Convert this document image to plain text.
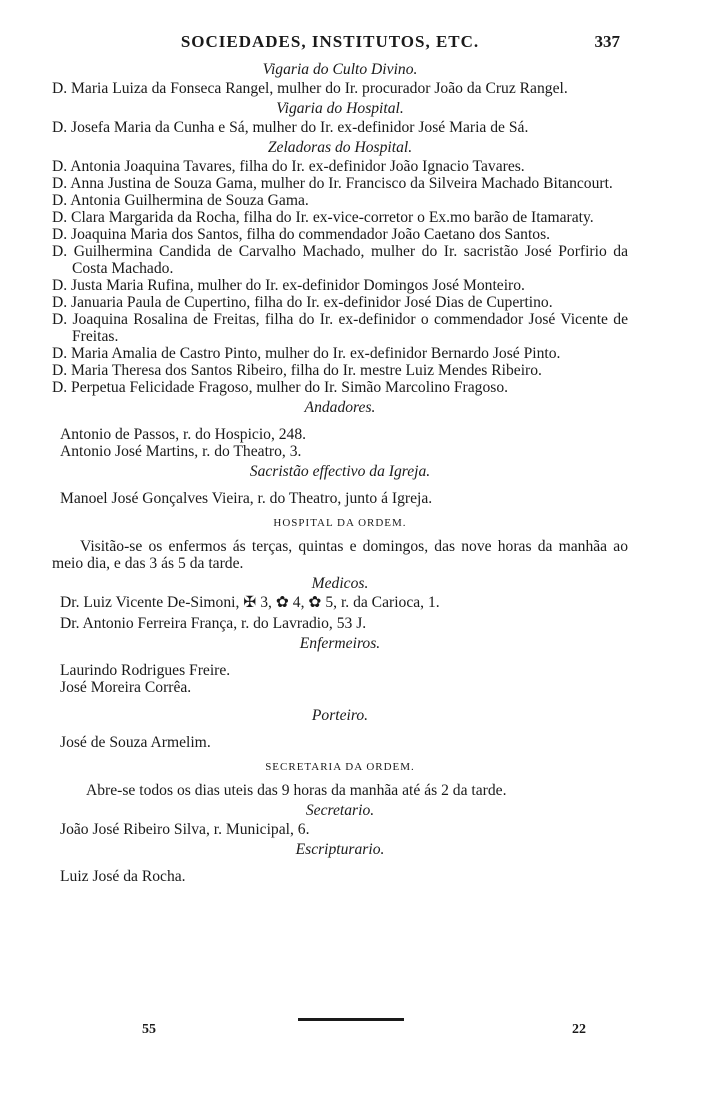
SOCIEDADES, INSTITUTOS, ETC.	337
Vigaria do Culto Divino.

D. Maria Luiza da Fonseca Rangel, mulher do Ir. procurador João da Cruz Rangel.

Vigaria do Hospital.

D. Josefa Maria da Cunha e Sá, mulher do Ir. ex-definidor José Maria de Sá.

Zeladoras do Hospital.

D. Antonia Joaquina Tavares, filha do Ir. ex-definidor João Ignacio Tavares.

D. Anna Justina de Souza Gama, mulher do Ir. Francisco da Silveira Machado Bitancourt.

D. Antonia Guilhermina de Souza Gama.

D. Clara Margarida da Rocha, filha do Ir. ex-vice-corretor o Ex.mo barão de Itamaraty.

D. Joaquina Maria dos Santos, filha do commendador João Caetano dos Santos.

D. Guilhermina Candida de Carvalho Machado, mulher do Ir. sacristão José Porfirio da Costa Machado.

D. Justa Maria Rufina, mulher do Ir. ex-definidor Domingos José Monteiro.

D. Januaria Paula de Cupertino, filha do Ir. ex-definidor José Dias de Cupertino.

D. Joaquina Rosalina de Freitas, filha do Ir. ex-definidor o commendador José Vicente de Freitas.

D. Maria Amalia de Castro Pinto, mulher do Ir. ex-definidor Bernardo José Pinto.

D. Maria Theresa dos Santos Ribeiro, filha do Ir. mestre Luiz Mendes Ribeiro.

D. Perpetua Felicidade Fragoso, mulher do Ir. Simão Marcolino Fragoso.

Andadores.

Antonio de Passos, r. do Hospicio, 248.

Antonio José Martins, r. do Theatro, 3.

Sacristão effectivo da Igreja.

Manoel José Gonçalves Vieira, r. do Theatro, junto á Igreja.

HOSPITAL DA ORDEM.

Visitão-se os enfermos ás terças, quintas e domingos, das nove horas da manhãa ao meio dia, e das 3 ás 5 da tarde.

Medicos.

Dr. Luiz Vicente De-Simoni, ✠ 3, ✿ 4, ✿ 5, r. da Carioca, 1.

Dr. Antonio Ferreira França, r. do Lavradio, 53 J.

Enfermeiros.

Laurindo Rodrigues Freire.

José Moreira Corrêa.

Porteiro.

José de Souza Armelim.

SECRETARIA DA ORDEM.

Abre-se todos os dias uteis das 9 horas da manhãa até ás 2 da tarde.

Secretario.

João José Ribeiro Silva, r. Municipal, 6.

Escripturario.

Luiz José da Rocha.

55	22
